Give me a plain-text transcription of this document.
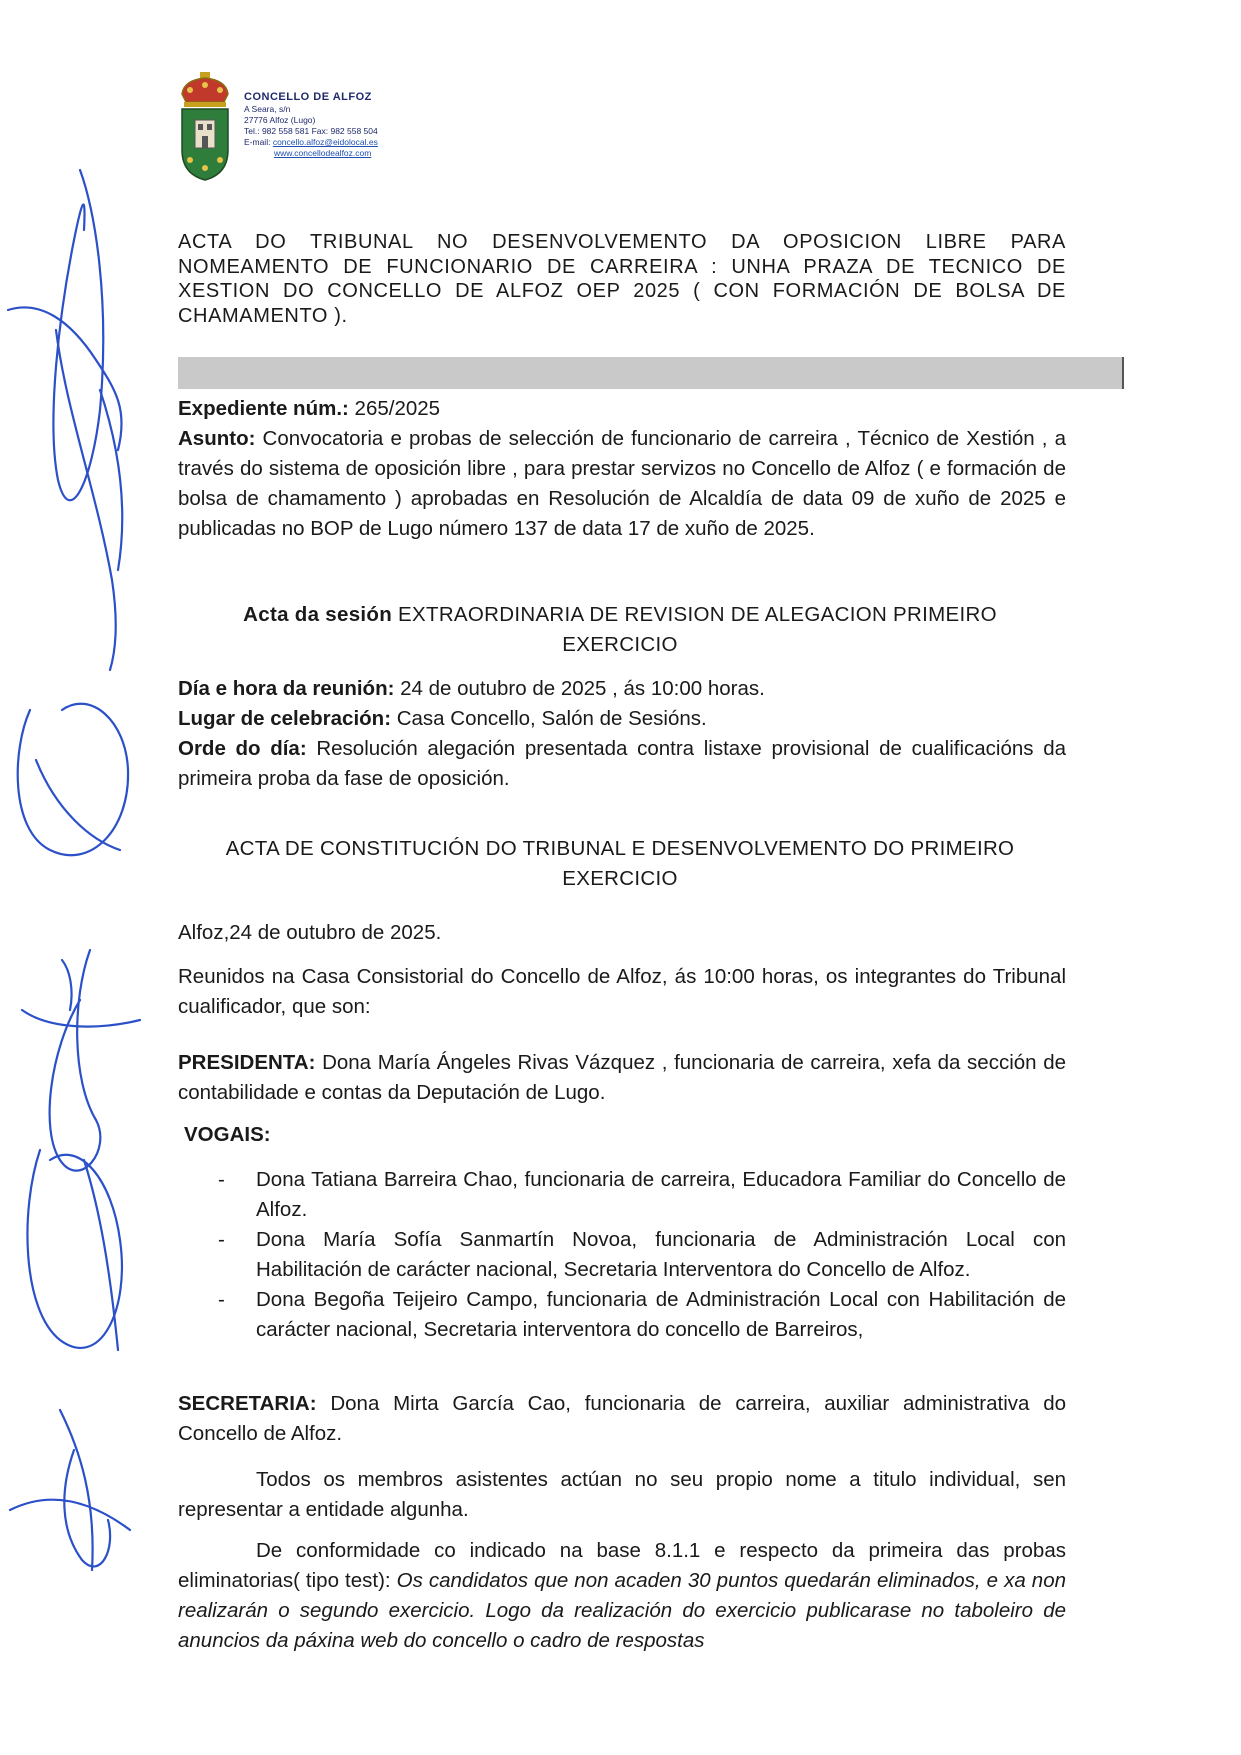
CONCELLO DE ALFOZ
A Seara, s/n
27776 Alfoz (Lugo)
Tel.: 982 558 581 Fax: 982 558 504
E-mail: concello.alfoz@eidolocal.es
www.concellodealfoz.com

ACTA DO TRIBUNAL NO DESENVOLVEMENTO DA OPOSICION LIBRE PARA NOMEAMENTO DE FUNCIONARIO DE CARREIRA : UNHA PRAZA DE TECNICO DE XESTION DO CONCELLO DE ALFOZ OEP 2025 ( CON FORMACIÓN DE BOLSA DE CHAMAMENTO ).

Expediente núm.: 265/2025

Asunto: Convocatoria e probas de selección de funcionario de carreira , Técnico de Xestión , a través do sistema de oposición libre , para prestar servizos no Concello de Alfoz ( e formación de bolsa de chamamento ) aprobadas en Resolución de Alcaldía de data 09 de xuño de 2025 e publicadas no BOP de Lugo número 137 de data 17 de xuño de 2025.

Acta da sesión EXTRAORDINARIA DE REVISION DE ALEGACION PRIMEIRO EXERCICIO

Día e hora da reunión: 24 de outubro de 2025 , ás 10:00 horas.

Lugar de celebración: Casa Concello, Salón de Sesións.

Orde do día: Resolución alegación presentada contra listaxe provisional de cualificacións da primeira proba da fase de oposición.

ACTA DE CONSTITUCIÓN DO TRIBUNAL E DESENVOLVEMENTO DO PRIMEIRO EXERCICIO

Alfoz,24 de outubro de 2025.

Reunidos na Casa Consistorial do Concello de Alfoz, ás 10:00 horas, os integrantes do Tribunal cualificador, que son:

PRESIDENTA: Dona María Ángeles Rivas Vázquez , funcionaria de carreira, xefa da sección de contabilidade e contas da Deputación de Lugo.

VOGAIS:

- Dona Tatiana Barreira Chao, funcionaria de carreira, Educadora Familiar do Concello de Alfoz.
- Dona María Sofía Sanmartín Novoa, funcionaria de Administración Local con Habilitación de carácter nacional, Secretaria Interventora do Concello de Alfoz.
- Dona Begoña Teijeiro Campo, funcionaria de Administración Local con Habilitación de carácter nacional, Secretaria interventora do concello de Barreiros,

SECRETARIA: Dona Mirta García Cao, funcionaria de carreira, auxiliar administrativa do Concello de Alfoz.

Todos os membros asistentes actúan no seu propio nome a titulo individual, sen representar a entidade algunha.

De conformidade co indicado na base 8.1.1 e respecto da primeira das probas eliminatorias( tipo test): Os candidatos que non acaden 30 puntos quedarán eliminados, e xa non realizarán o segundo exercicio. Logo da realización do exercicio publicarase no taboleiro de anuncios da páxina web do concello o cadro de respostas
